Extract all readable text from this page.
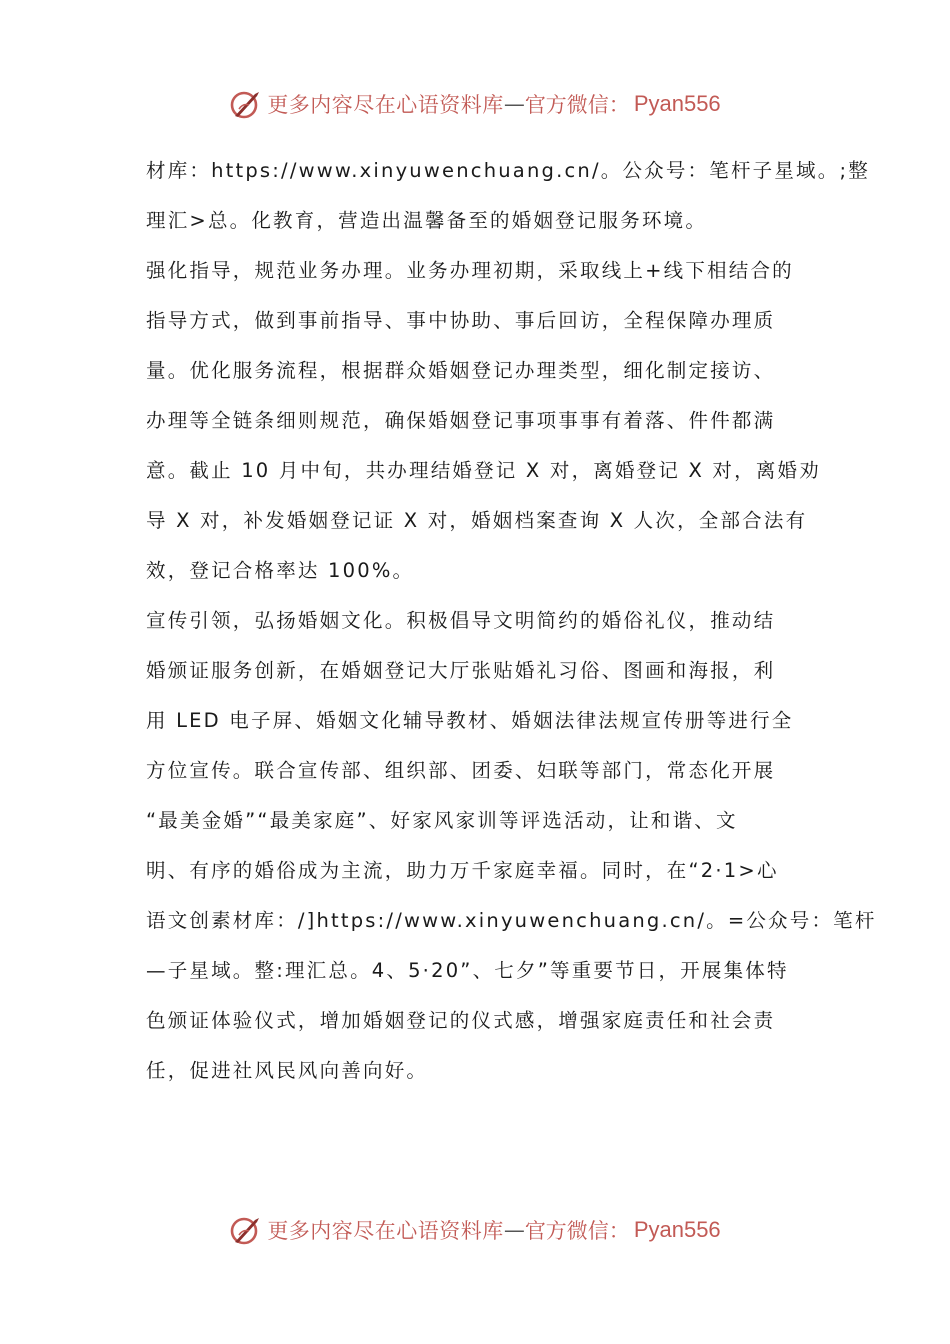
更多内容尽在心语资料库 — 官方微信： Pyan556
材库：https://www.xinyuwenchuang.cn/。公众号：笔杆子星域。;整
理汇>总。化教育，营造出温馨备至的婚姻登记服务环境。
强化指导，规范业务办理。业务办理初期，采取线上+线下相结合的
指导方式，做到事前指导、事中协助、事后回访，全程保障办理质
量。优化服务流程，根据群众婚姻登记办理类型，细化制定接访、
办理等全链条细则规范，确保婚姻登记事项事事有着落、件件都满
意。截止 10 月中旬，共办理结婚登记 X 对，离婚登记 X 对，离婚劝
导 X 对，补发婚姻登记证 X 对，婚姻档案查询 X 人次，全部合法有
效，登记合格率达 100%。
宣传引领，弘扬婚姻文化。积极倡导文明简约的婚俗礼仪，推动结
婚颁证服务创新，在婚姻登记大厅张贴婚礼习俗、图画和海报，利
用 LED 电子屏、婚姻文化辅导教材、婚姻法律法规宣传册等进行全
方位宣传。联合宣传部、组织部、团委、妇联等部门，常态化开展
“最美金婚”“最美家庭”、好家风家训等评选活动，让和谐、文
明、有序的婚俗成为主流，助力万千家庭幸福。同时，在“2·1>心
语文创素材库：/]https://www.xinyuwenchuang.cn/。=公众号：笔杆
—子星域。整:理汇总。4、5·20”、七夕”等重要节日，开展集体特
色颁证体验仪式，增加婚姻登记的仪式感，增强家庭责任和社会责
任，促进社风民风向善向好。
更多内容尽在心语资料库 — 官方微信： Pyan556
